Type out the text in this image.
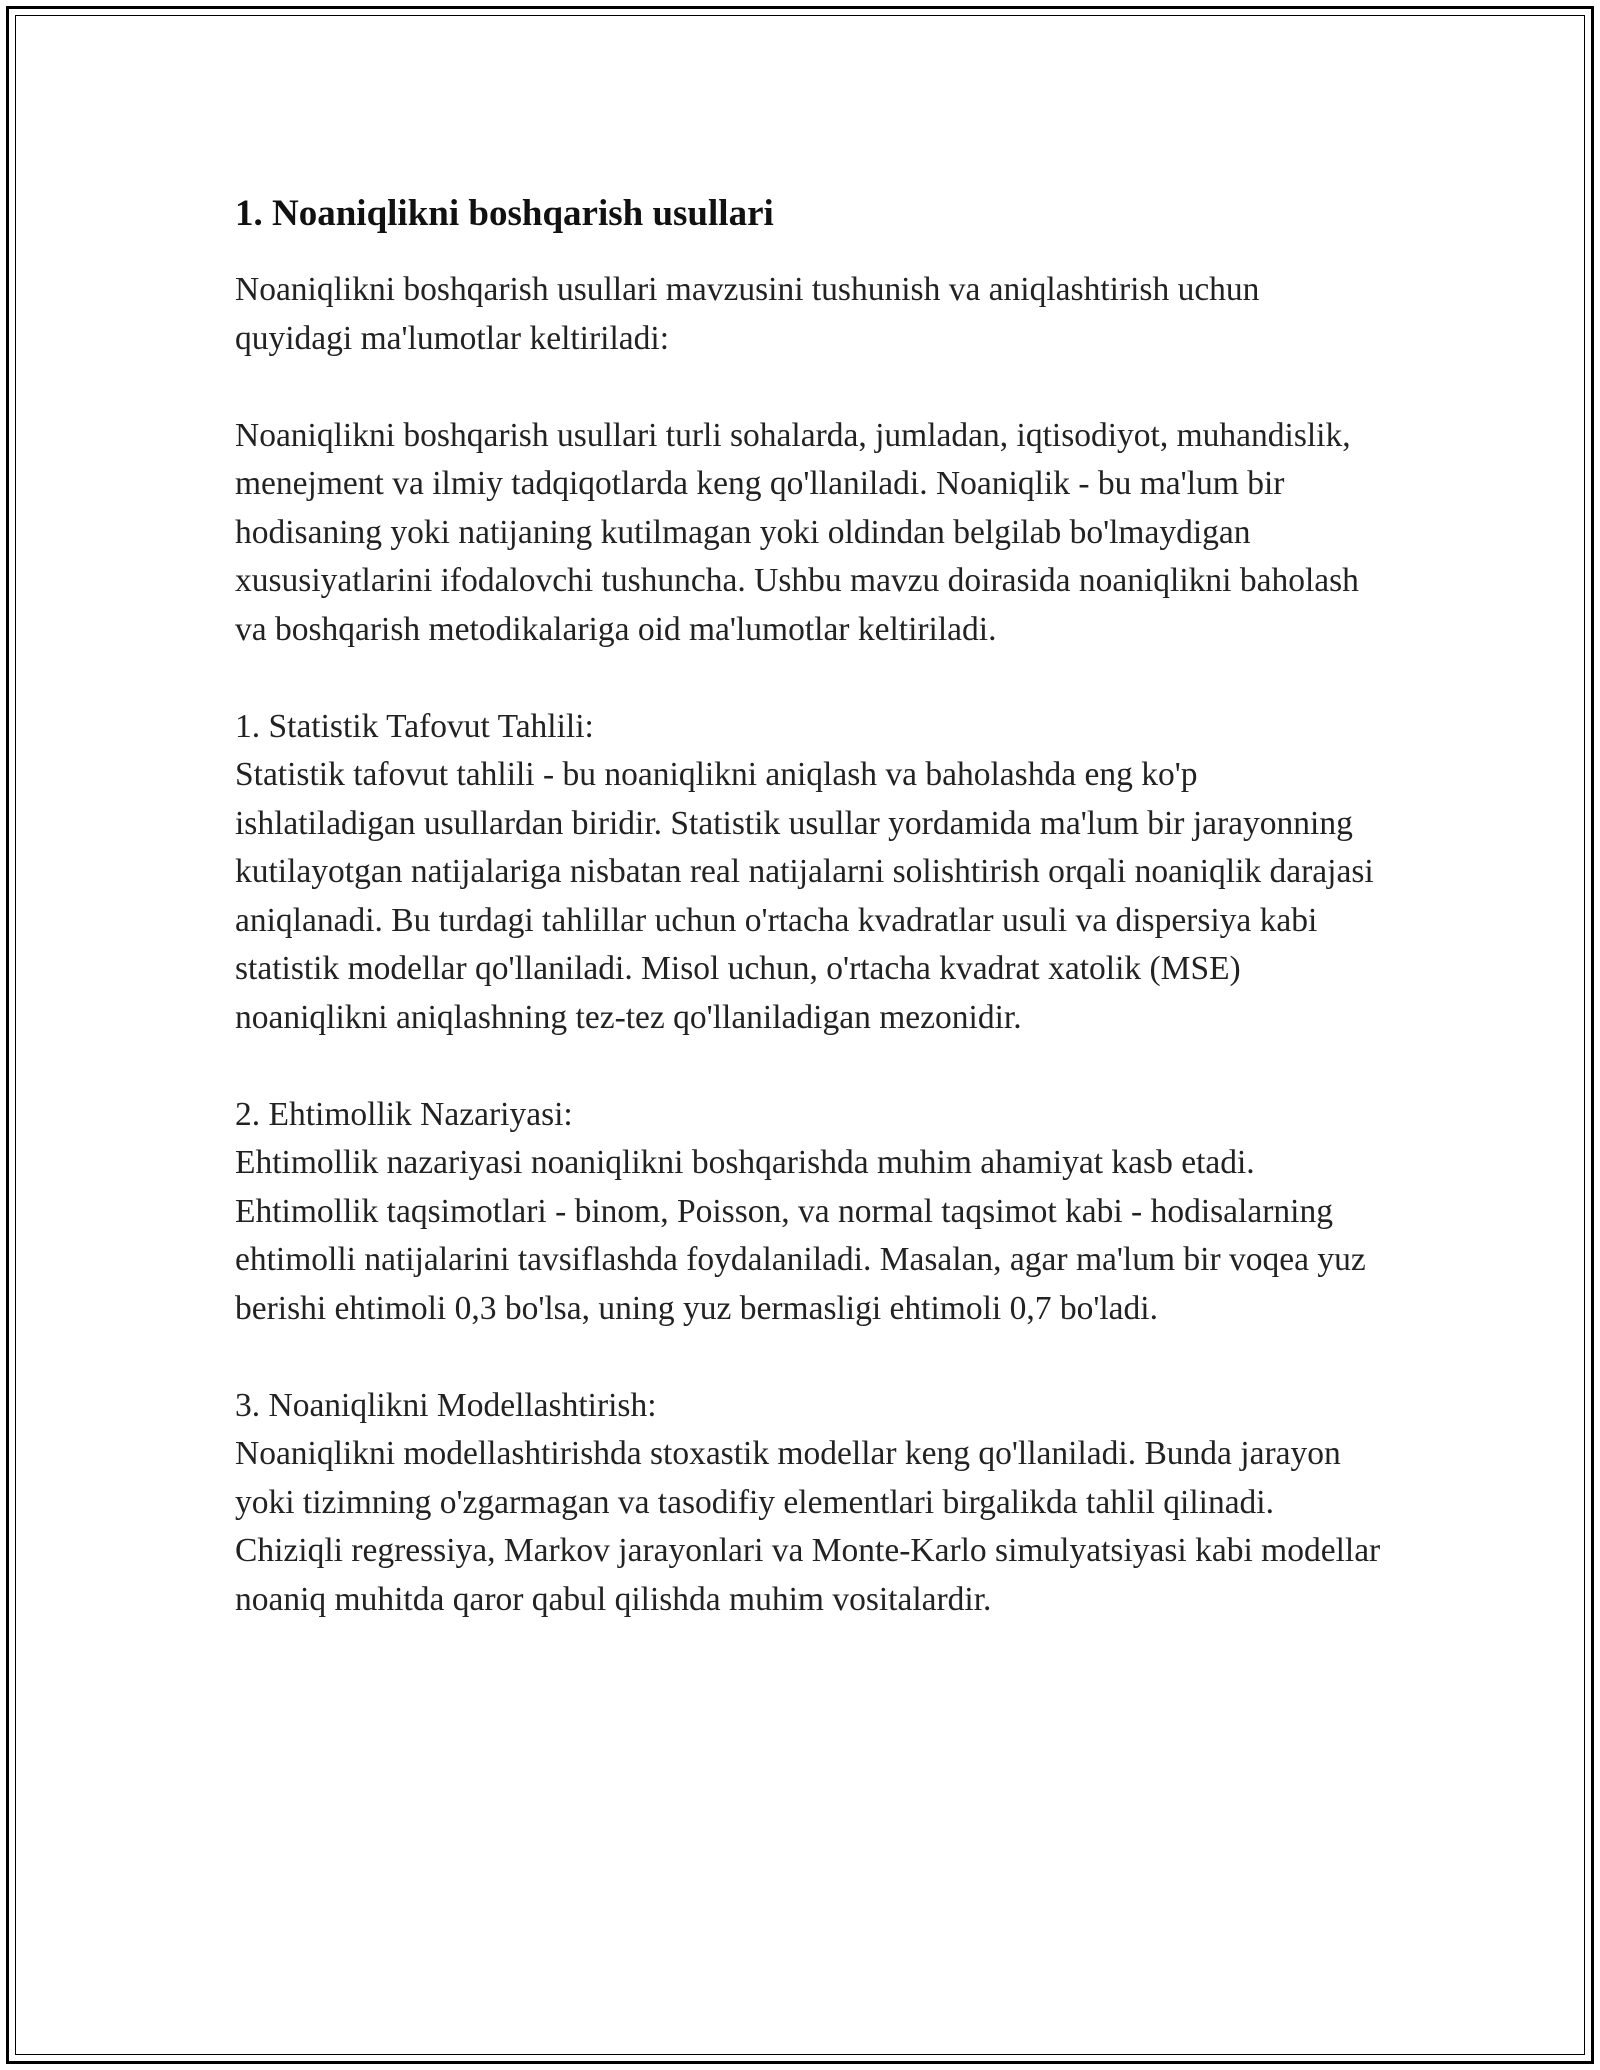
1. Noaniqlikni boshqarish usullari

Noaniqlikni boshqarish usullari mavzusini tushunish va aniqlashtirish uchun quyidagi ma'lumotlar keltiriladi:

Noaniqlikni boshqarish usullari turli sohalarda, jumladan, iqtisodiyot, muhandislik, menejment va ilmiy tadqiqotlarda keng qo'llaniladi. Noaniqlik - bu ma'lum bir hodisaning yoki natijaning kutilmagan yoki oldindan belgilab bo'lmaydigan xususiyatlarini ifodalovchi tushuncha. Ushbu mavzu doirasida noaniqlikni baholash va boshqarish metodikalariga oid ma'lumotlar keltiriladi.

1. Statistik Tafovut Tahlili:

Statistik tafovut tahlili - bu noaniqlikni aniqlash va baholashda eng ko'p ishlatiladigan usullardan biridir. Statistik usullar yordamida ma'lum bir jarayonning kutilayotgan natijalariga nisbatan real natijalarni solishtirish orqali noaniqlik darajasi aniqlanadi. Bu turdagi tahlillar uchun o'rtacha kvadratlar usuli va dispersiya kabi statistik modellar qo'llaniladi. Misol uchun, o'rtacha kvadrat xatolik (MSE) noaniqlikni aniqlashning tez-tez qo'llaniladigan mezonidir.

2. Ehtimollik Nazariyasi:

Ehtimollik nazariyasi noaniqlikni boshqarishda muhim ahamiyat kasb etadi. Ehtimollik taqsimotlari - binom, Poisson, va normal taqsimot kabi - hodisalarning ehtimolli natijalarini tavsiflashda foydalaniladi. Masalan, agar ma'lum bir voqea yuz berishi ehtimoli 0,3 bo'lsa, uning yuz bermasligi ehtimoli 0,7 bo'ladi.

3. Noaniqlikni Modellashtirish:

Noaniqlikni modellashtirishda stoxastik modellar keng qo'llaniladi. Bunda jarayon yoki tizimning o'zgarmagan va tasodifiy elementlari birgalikda tahlil qilinadi. Chiziqli regressiya, Markov jarayonlari va Monte-Karlo simulyatsiyasi kabi modellar noaniq muhitda qaror qabul qilishda muhim vositalardir.
